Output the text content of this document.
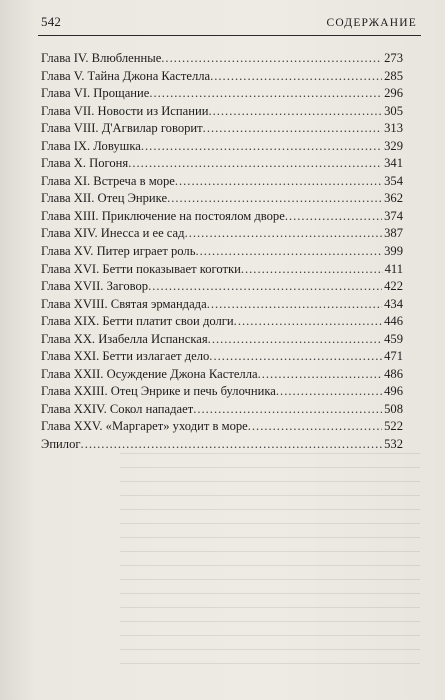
542	СОДЕРЖАНИЕ
Глава IV. Влюбленные .....	273
Глава V. Тайна Джона Кастелла .....	285
Глава VI. Прощание .....	296
Глава VII. Новости из Испании .....	305
Глава VIII. Д'Агвилар говорит .....	313
Глава IX. Ловушка .....	329
Глава X. Погоня .....	341
Глава XI. Встреча в море .....	354
Глава XII. Отец Энрике .....	362
Глава XIII. Приключение на постоялом дворе .....	374
Глава XIV. Инесса и ее сад .....	387
Глава XV. Питер играет роль .....	399
Глава XVI. Бетти показывает коготки .....	411
Глава XVII. Заговор .....	422
Глава XVIII. Святая эрмандада .....	434
Глава XIX. Бетти платит свои долги .....	446
Глава XX. Изабелла Испанская .....	459
Глава XXI. Бетти излагает дело .....	471
Глава XXII. Осуждение Джона Кастелла .....	486
Глава XXIII. Отец Энрике и печь булочника .....	496
Глава XXIV. Сокол нападает .....	508
Глава XXV. «Маргарет» уходит в море .....	522
Эпилог .....	532
